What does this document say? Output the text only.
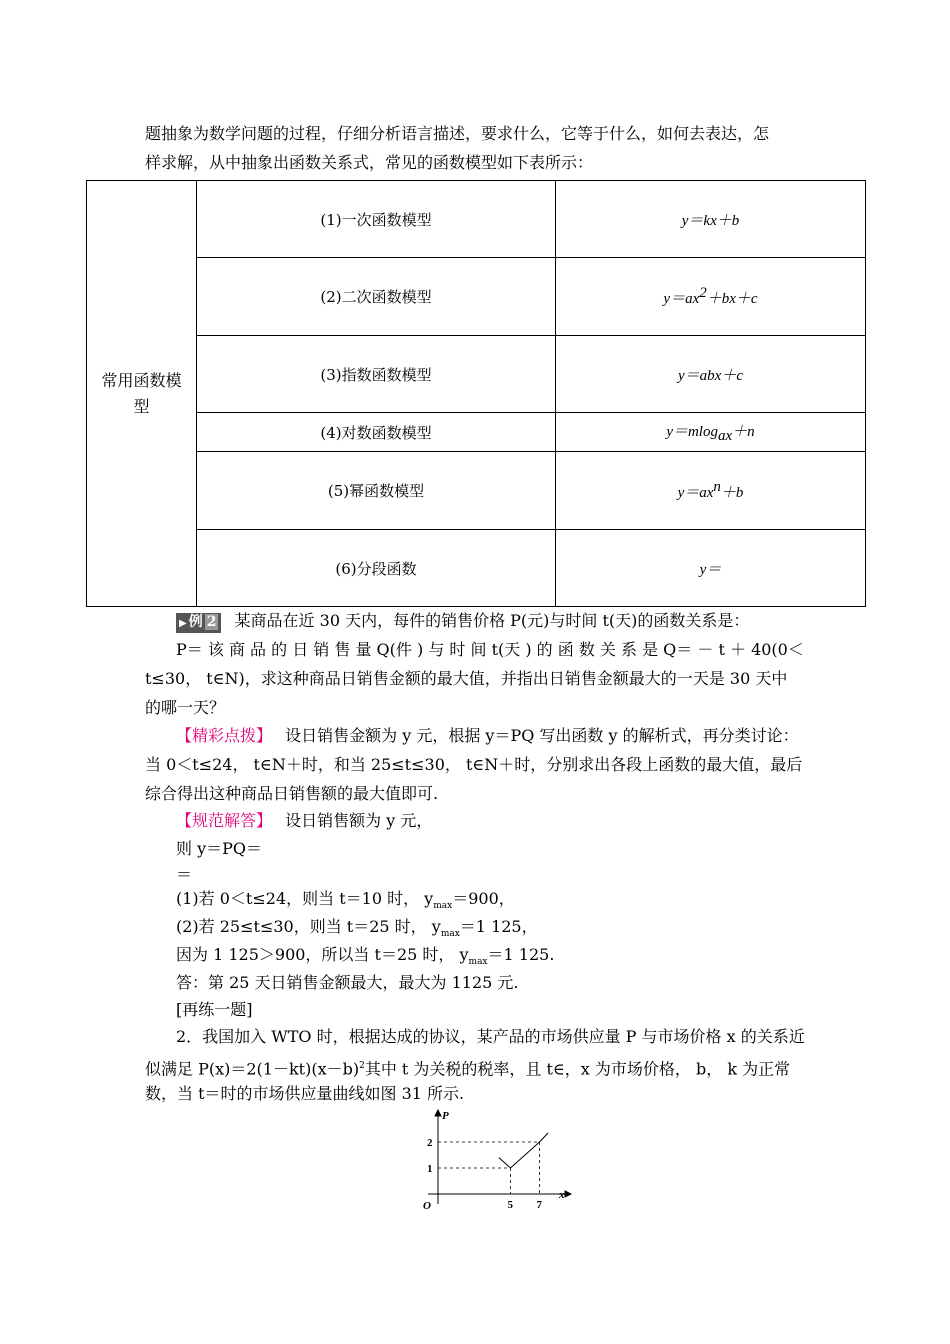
题抽象为数学问题的过程，仔细分析语言描述，要求什么，它等于什么，如何去表达，怎
样求解，从中抽象出函数关系式，常见的函数模型如下表所示：
常用函数模型	(1)一次函数模型	y＝kx＋b
	(2)二次函数模型	$y=ax^2+bx+c$
	(3)指数函数模型	y＝abx＋c
	(4)对数函数模型	y＝mlog$_{ax}$＋n
	(5)幂函数模型	$y=ax^n+b$
	(6)分段函数	y＝
▶ 例 2 某商品在近 30 天内，每件的销售价格 P(元)与时间 t(天)的函数关系是：
P＝ 该 商 品 的 日 销 售 量 Q(件 ) 与 时 间 t(天 ) 的 函 数 关 系 是 Q＝ － t ＋ 40(0＜
t≤30， t∈N)，求这种商品日销售金额的最大值，并指出日销售金额最大的一天是 30 天中
的哪一天？
【精彩点拨】 设日销售金额为 y 元，根据 y＝PQ 写出函数 y 的解析式，再分类讨论：
当 0＜t≤24， t∈N＋时，和当 25≤t≤30， t∈N＋时，分别求出各段上函数的最大值，最后
综合得出这种商品日销售额的最大值即可.
【规范解答】 设日销售额为 y 元，
则 y＝PQ＝
＝
(1)若 0＜t≤24，则当 t＝10 时， $y_{max}=900$，
(2)若 25≤t≤30，则当 t＝25 时， $y_{max}=1$ 125，
因为 1 125＞900，所以当 t＝25 时， $y_{max}=1$ 125.
答：第 25 天日销售金额最大，最大为 1125 元.
[再练一题]
2．我国加入 WTO 时，根据达成的协议，某产品的市场供应量 P 与市场价格 x 的关系近
似满足 $P(x)=2(1-kt)(x-b)^2$其中 t 为关税的税率，且 t∈，x 为市场价格， b， k 为正常
数，当 t＝时的市场供应量曲线如图 31 所示.
P
x
O
2
1
5 7
